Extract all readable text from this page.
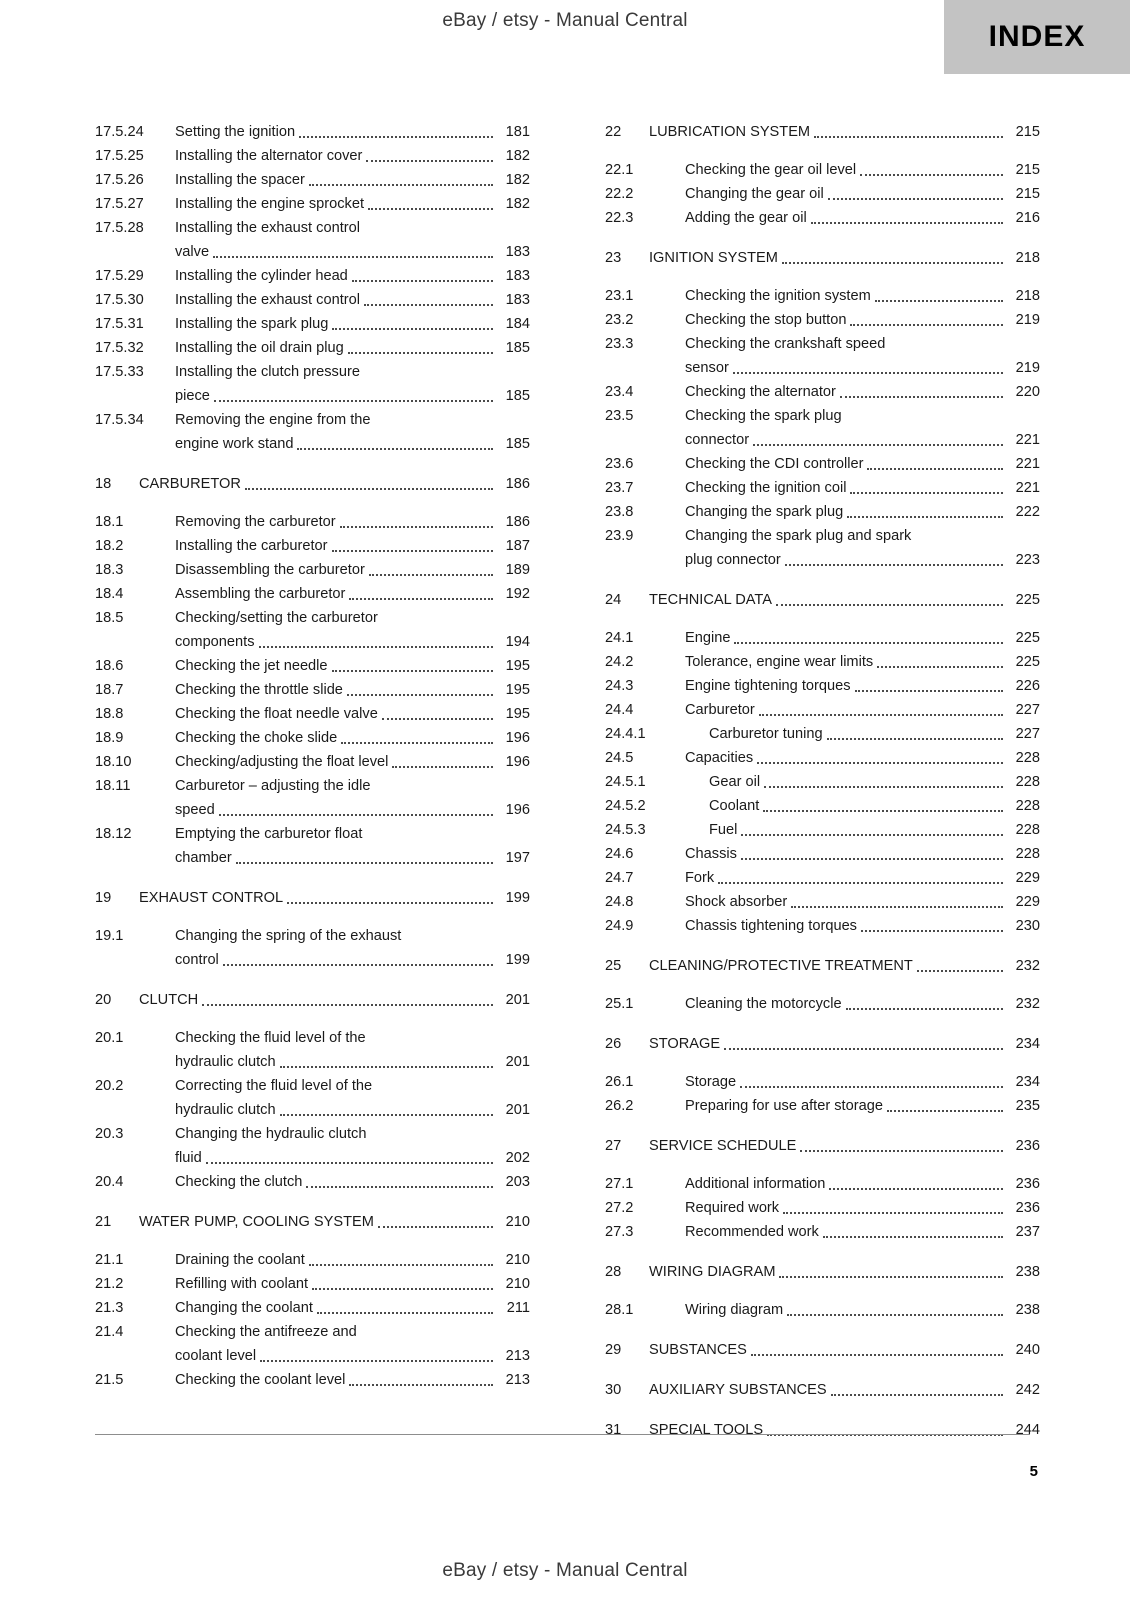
eBay / etsy - Manual Central	INDEX
17.5.24	Setting the ignition	181
17.5.25	Installing the alternator cover	182
17.5.26	Installing the spacer	182
17.5.27	Installing the engine sprocket	182
17.5.28	Installing the exhaust control
valve	183
17.5.29	Installing the cylinder head	183
17.5.30	Installing the exhaust control	183
17.5.31	Installing the spark plug	184
17.5.32	Installing the oil drain plug	185
17.5.33	Installing the clutch pressure
piece	185
17.5.34	Removing the engine from the
engine work stand	185
18	CARBURETOR	186
18.1	Removing the carburetor	186
18.2	Installing the carburetor	187
18.3	Disassembling the carburetor	189
18.4	Assembling the carburetor	192
18.5	Checking/setting the carburetor
components	194
18.6	Checking the jet needle	195
18.7	Checking the throttle slide	195
18.8	Checking the float needle valve	195
18.9	Checking the choke slide	196
18.10	Checking/adjusting the float level	196
18.11	Carburetor – adjusting the idle
speed	196
18.12	Emptying the carburetor float
chamber	197
19	EXHAUST CONTROL	199
19.1	Changing the spring of the exhaust
control	199
20	CLUTCH	201
20.1	Checking the fluid level of the
hydraulic clutch	201
20.2	Correcting the fluid level of the
hydraulic clutch	201
20.3	Changing the hydraulic clutch
fluid	202
20.4	Checking the clutch	203
21	WATER PUMP, COOLING SYSTEM	210
21.1	Draining the coolant	210
21.2	Refilling with coolant	210
21.3	Changing the coolant	211
21.4	Checking the antifreeze and
coolant level	213
21.5	Checking the coolant level	213
22	LUBRICATION SYSTEM	215
22.1	Checking the gear oil level	215
22.2	Changing the gear oil	215
22.3	Adding the gear oil	216
23	IGNITION SYSTEM	218
23.1	Checking the ignition system	218
23.2	Checking the stop button	219
23.3	Checking the crankshaft speed
sensor	219
23.4	Checking the alternator	220
23.5	Checking the spark plug
connector	221
23.6	Checking the CDI controller	221
23.7	Checking the ignition coil	221
23.8	Changing the spark plug	222
23.9	Changing the spark plug and spark
plug connector	223
24	TECHNICAL DATA	225
24.1	Engine	225
24.2	Tolerance, engine wear limits	225
24.3	Engine tightening torques	226
24.4	Carburetor	227
24.4.1	Carburetor tuning	227
24.5	Capacities	228
24.5.1	Gear oil	228
24.5.2	Coolant	228
24.5.3	Fuel	228
24.6	Chassis	228
24.7	Fork	229
24.8	Shock absorber	229
24.9	Chassis tightening torques	230
25	CLEANING/PROTECTIVE TREATMENT	232
25.1	Cleaning the motorcycle	232
26	STORAGE	234
26.1	Storage	234
26.2	Preparing for use after storage	235
27	SERVICE SCHEDULE	236
27.1	Additional information	236
27.2	Required work	236
27.3	Recommended work	237
28	WIRING DIAGRAM	238
28.1	Wiring diagram	238
29	SUBSTANCES	240
30	AUXILIARY SUBSTANCES	242
31	SPECIAL TOOLS	244
5
eBay / etsy - Manual Central
